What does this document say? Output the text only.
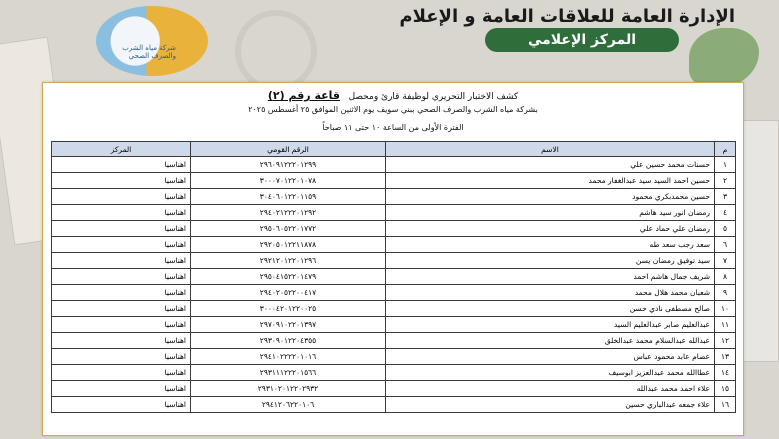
شركة مياه الشرب والصرف الصحي
الإدارة العامة للعلاقات العامة و الإعلام
المركز الإعلامي
كشف الاختبار التحريري لوظيفة قارئ ومحصل   قاعة رقم (٢)
بشركة مياه الشرب والصرف الصحي ببني سويف يوم الاثنين الموافق ٢٥ أغسطس ٢٠٢٥
الفترة الأولى من الساعة ١٠ حتى ١١ صباحاً
م	الاسم	الرقم القومي	المركز
١	حسنات محمد حسين علي	٢٩٦٠٩١٢٢٢٠١٢٩٩	اهناسيا
٢	حسين احمد السيد سيد عبدالغفار محمد	٣٠٠٠٧٠١٢٢٠١٠٧٨	اهناسيا
٣	حسين محمدبكري محمود	٣٠٤٠٦٠١٢٢٠١١٥٩	اهناسيا
٤	رمضان انور سيد هاشم	٢٩٤٠٢١٢٢٢٠١٢٩٢	اهناسيا
٥	رمضان علي حماد علي	٢٩٥٠٦٠٥٢٢٠١٧٧٢	اهناسيا
٦	سعد رجب سعد طه	٢٩٢٠٥٠١٢٢١١٨٧٨	اهناسيا
٧	سيد توفيق رمضان يسن	٢٩٢١٢٠١٢٢٠١٢٩٦	اهناسيا
٨	شريف جمال هاشم احمد	٢٩٥٠٤١٥٢٢٠١٤٧٩	اهناسيا
٩	شعبان محمد هلال محمد	٢٩٤٠٢٠٥٢٢٠٠٤١٧	اهناسيا
١٠	صالح مصطفى نادي حسن	٣٠٠٠٤٢٠١٢٢٠٠٢٥	اهناسيا
١١	عبدالعليم صابر عبدالعليم السيد	٢٩٧٠٩١٠٢٢٠١٣٩٧	اهناسيا
١٢	عبدالله عبدالسلام محمد عبدالخلق	٢٩٣٠٩٠١٢٢٠٤٣٥٥	اهناسيا
١٣	عصام عابد محمود عباس	٢٩٤١٠٢٢٢٢٠١٠١٦	اهناسيا
١٤	عطاالله محمد عبدالعزيز ابوسيف	٢٩٣١١١٢٢٢٠١٥٦٦	اهناسيا
١٥	علاء احمد محمد عبدالله	٢٩٣١٠٢٠١٢٢٠٢٩٣٢	اهناسيا
١٦	علاء جمعه عبدالباري حسين	٢٩٤١٢٠٦٢٢٠١٠٦	اهناسيا
